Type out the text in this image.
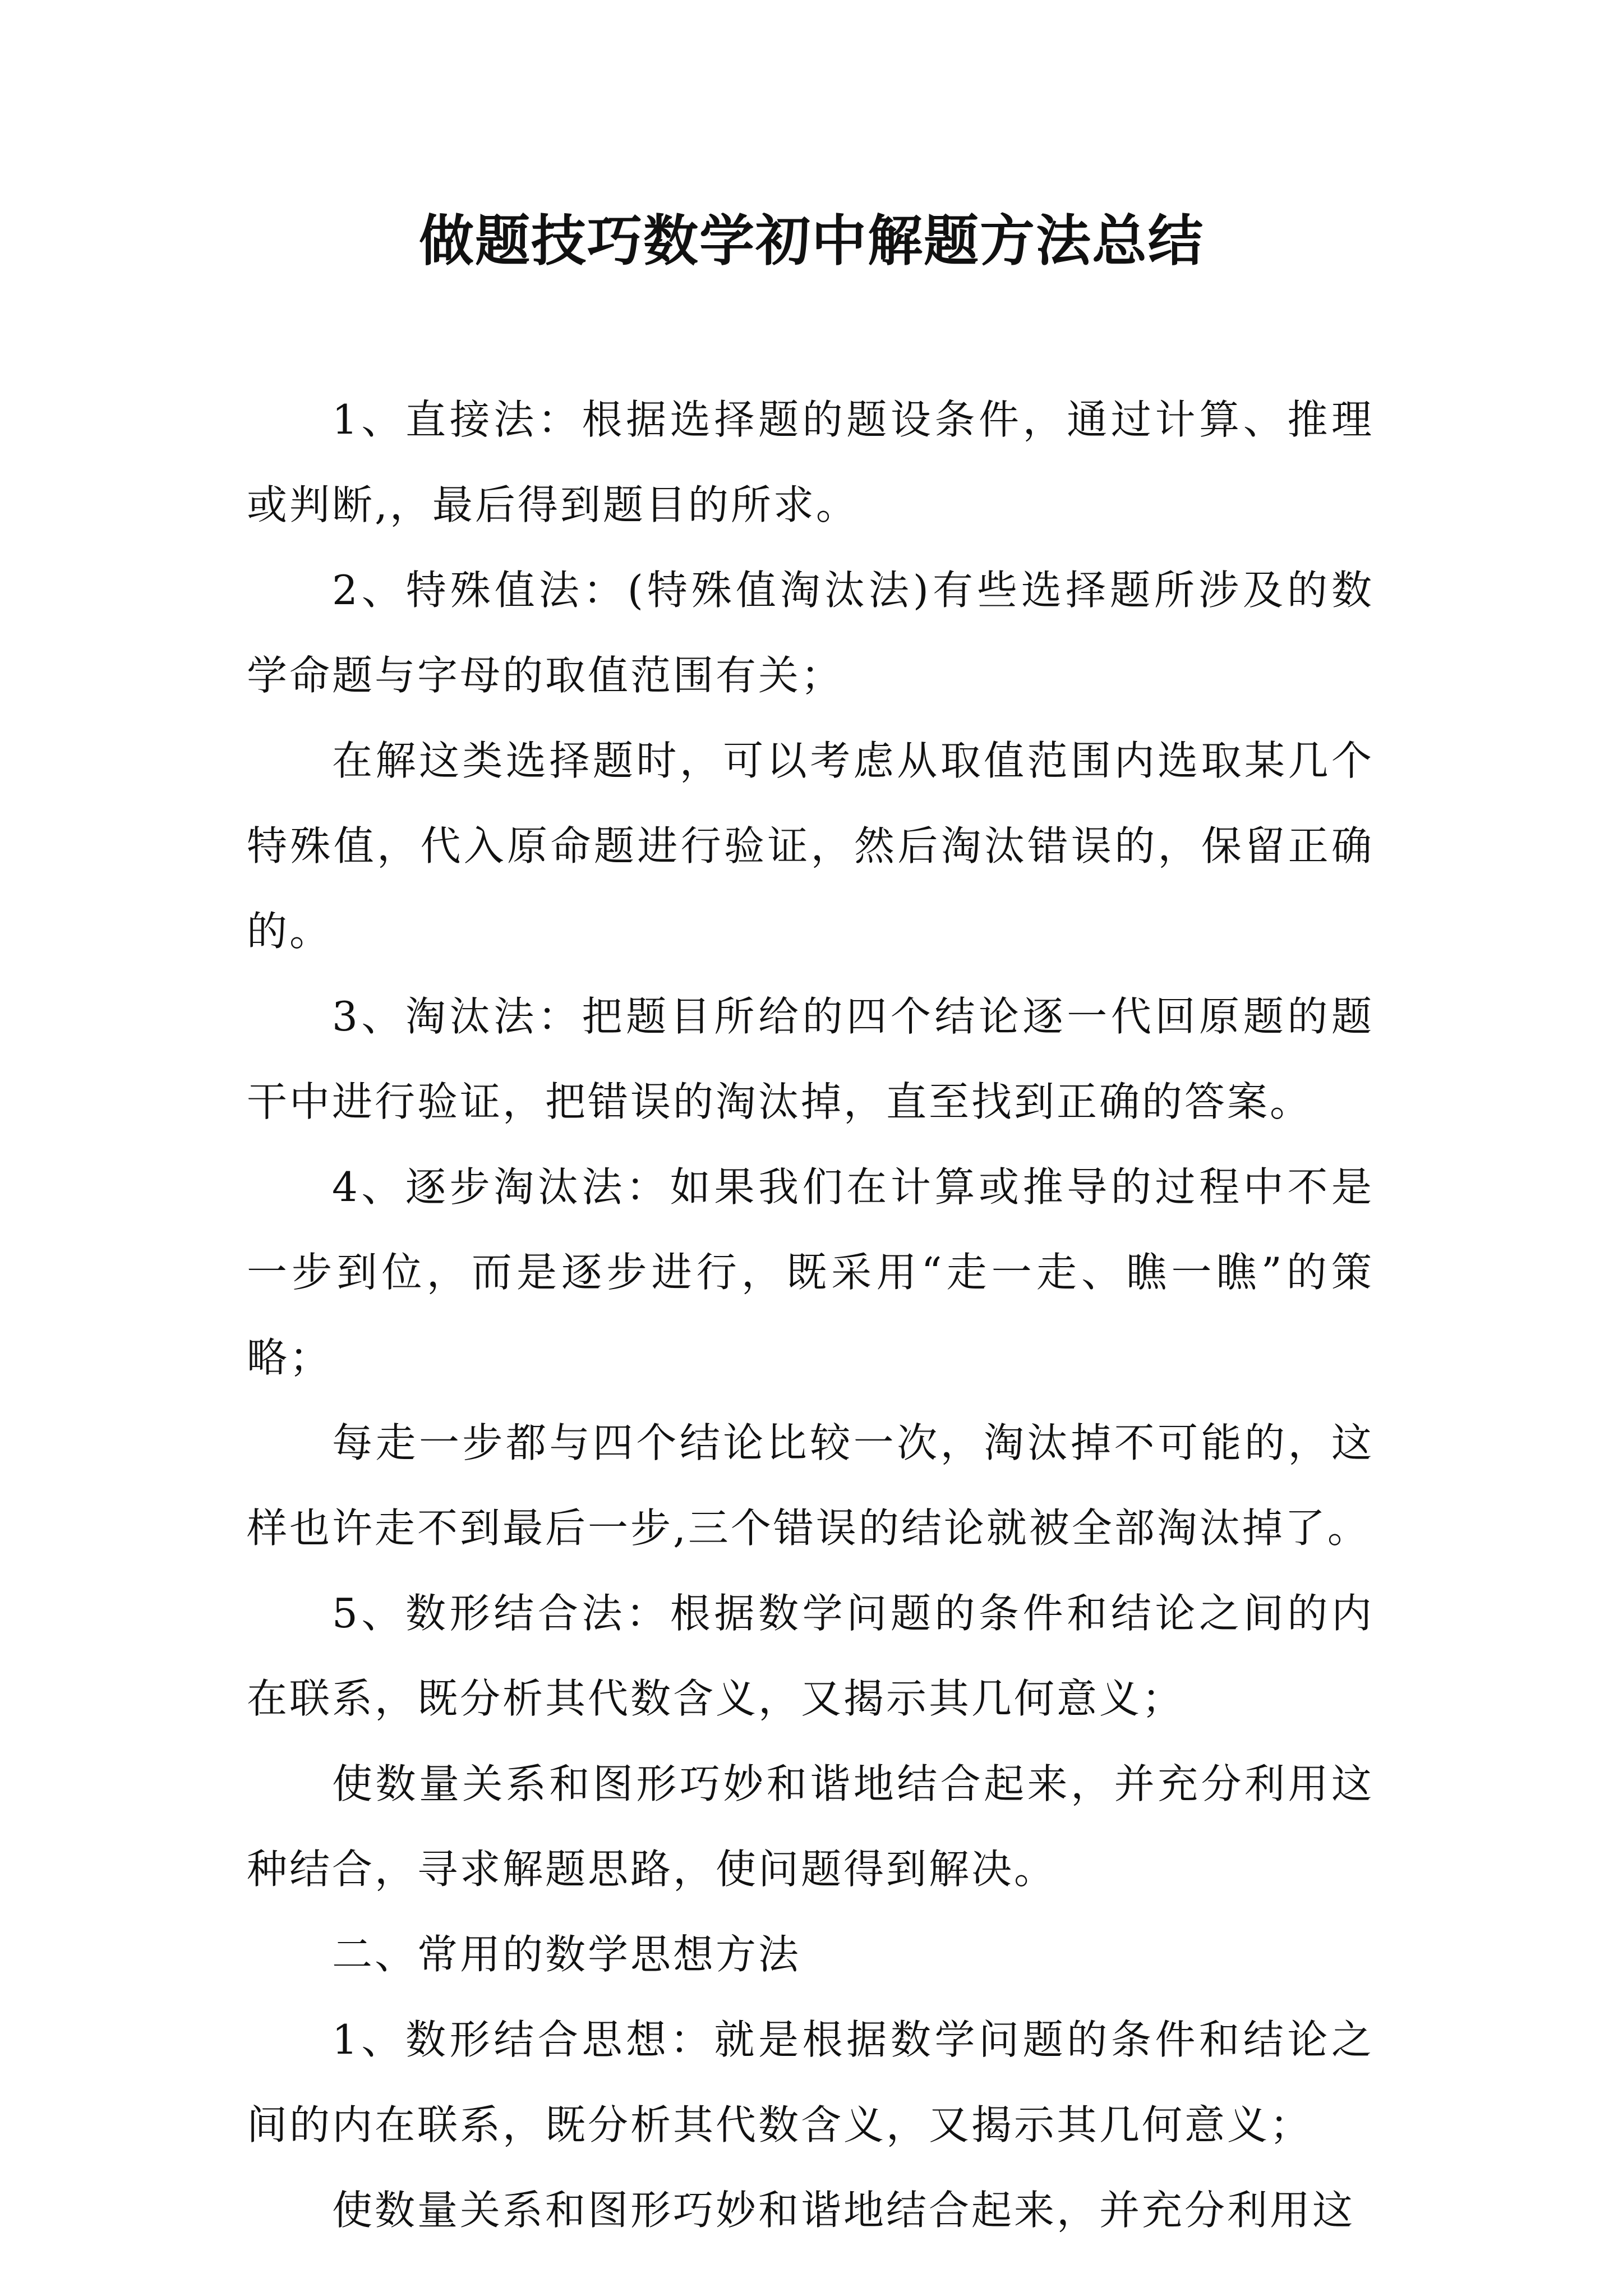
做题技巧数学初中解题方法总结

1、直接法：根据选择题的题设条件，通过计算、推理或判断,，最后得到题目的所求。

2、特殊值法：(特殊值淘汰法)有些选择题所涉及的数学命题与字母的取值范围有关；

在解这类选择题时，可以考虑从取值范围内选取某几个特殊值，代入原命题进行验证，然后淘汰错误的，保留正确的。

3、淘汰法：把题目所给的四个结论逐一代回原题的题干中进行验证，把错误的淘汰掉，直至找到正确的答案。

4、逐步淘汰法：如果我们在计算或推导的过程中不是一步到位，而是逐步进行，既采用“走一走、瞧一瞧”的策略；

每走一步都与四个结论比较一次，淘汰掉不可能的，这样也许走不到最后一步,三个错误的结论就被全部淘汰掉了。

5、数形结合法：根据数学问题的条件和结论之间的内在联系，既分析其代数含义，又揭示其几何意义；

使数量关系和图形巧妙和谐地结合起来，并充分利用这种结合，寻求解题思路，使问题得到解决。

二、常用的数学思想方法

1、数形结合思想：就是根据数学问题的条件和结论之间的内在联系，既分析其代数含义，又揭示其几何意义；

使数量关系和图形巧妙和谐地结合起来，并充分利用这
